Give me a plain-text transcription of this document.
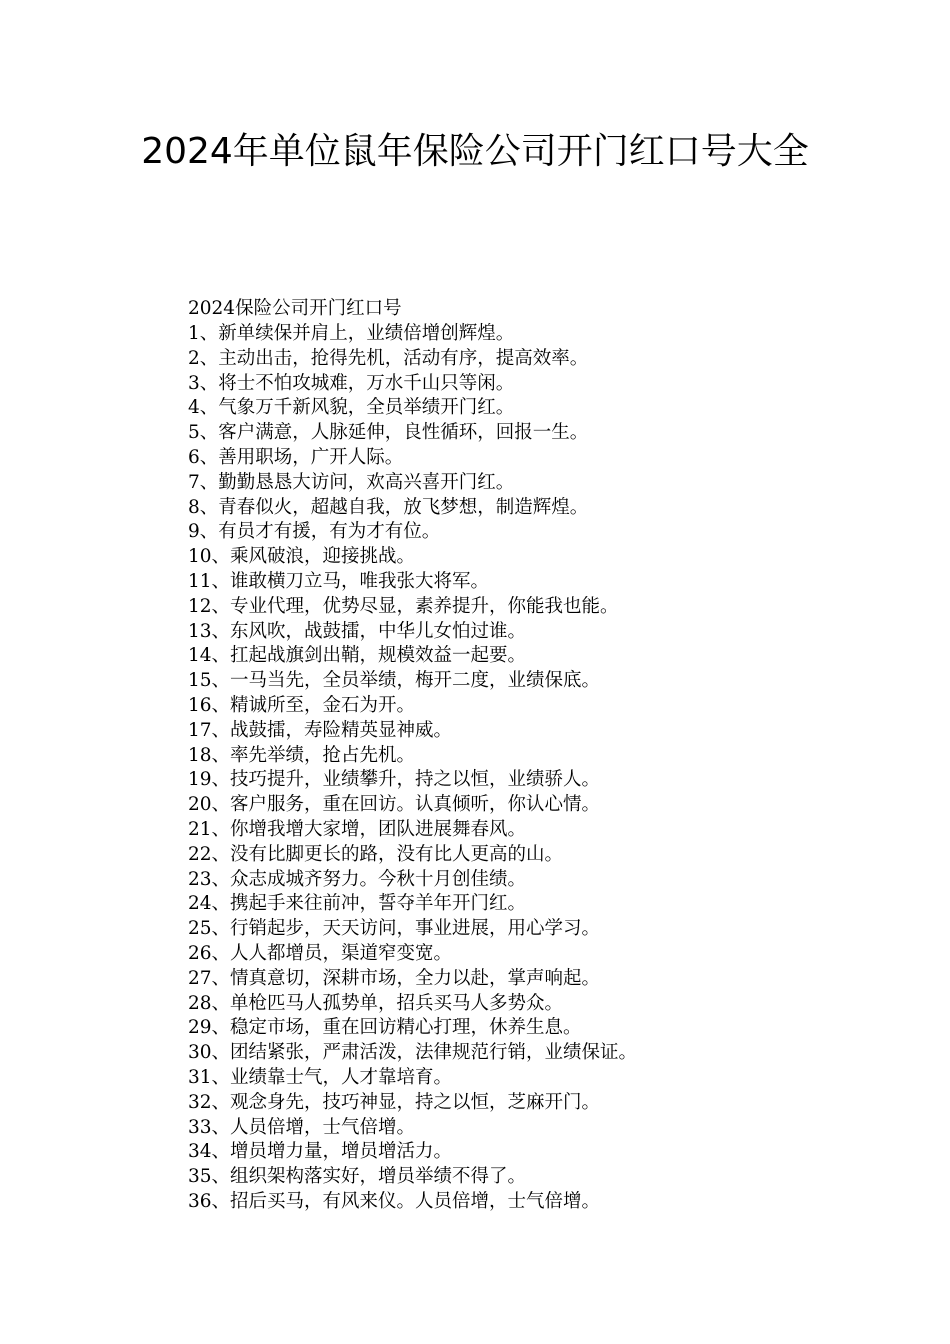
2024年单位鼠年保险公司开门红口号大全

2024保险公司开门红口号

1、新单续保并肩上，业绩倍增创辉煌。
2、主动出击，抢得先机，活动有序，提高效率。
3、将士不怕攻城难，万水千山只等闲。
4、气象万千新风貌，全员举绩开门红。
5、客户满意，人脉延伸，良性循环，回报一生。
6、善用职场，广开人际。
7、勤勤恳恳大访问，欢高兴喜开门红。
8、青春似火，超越自我，放飞梦想，制造辉煌。
9、有员才有援，有为才有位。
10、乘风破浪，迎接挑战。
11、谁敢横刀立马，唯我张大将军。
12、专业代理，优势尽显，素养提升，你能我也能。
13、东风吹，战鼓擂，中华儿女怕过谁。
14、扛起战旗剑出鞘，规模效益一起要。
15、一马当先，全员举绩，梅开二度，业绩保底。
16、精诚所至，金石为开。
17、战鼓擂，寿险精英显神威。
18、率先举绩，抢占先机。
19、技巧提升，业绩攀升，持之以恒，业绩骄人。
20、客户服务，重在回访。认真倾听，你认心情。
21、你增我增大家增，团队进展舞春风。
22、没有比脚更长的路，没有比人更高的山。
23、众志成城齐努力。今秋十月创佳绩。
24、携起手来往前冲，誓夺羊年开门红。
25、行销起步，天天访问，事业进展，用心学习。
26、人人都增员，渠道窄变宽。
27、情真意切，深耕市场，全力以赴，掌声响起。
28、单枪匹马人孤势单，招兵买马人多势众。
29、稳定市场，重在回访精心打理，休养生息。
30、团结紧张，严肃活泼，法律规范行销，业绩保证。
31、业绩靠士气，人才靠培育。
32、观念身先，技巧神显，持之以恒，芝麻开门。
33、人员倍增，士气倍增。
34、增员增力量，增员增活力。
35、组织架构落实好，增员举绩不得了。
36、招后买马，有风来仪。人员倍增，士气倍增。
